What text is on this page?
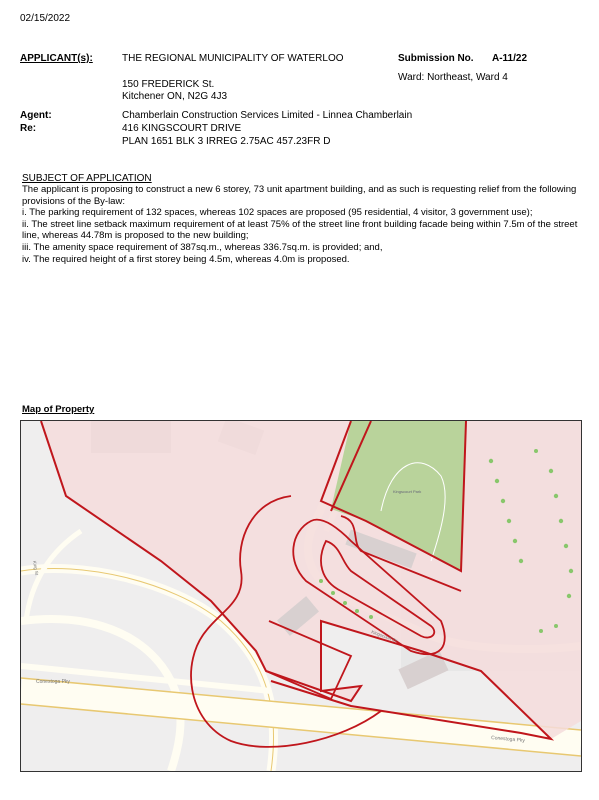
02/15/2022
APPLICANT(s):	THE REGIONAL MUNICIPALITY OF WATERLOO
150 FREDERICK St.
Kitchener ON, N2G 4J3
Submission No. A-11/22
Ward: Northeast, Ward 4
Agent:	Chamberlain Construction Services Limited - Linnea Chamberlain
Re:	416 KINGSCOURT DRIVE
PLAN 1651 BLK 3 IRREG 2.75AC 457.23FR D
SUBJECT OF APPLICATION

The applicant is proposing to construct a new 6 storey, 73 unit apartment building, and as such is requesting relief from the following provisions of the By-law:

i. The parking requirement of 132 spaces, whereas 102 spaces are proposed (95 residential, 4 visitor, 3 government use);

ii. The street line setback maximum requirement of at least 75% of the street line front building facade being within 7.5m of the street line, whereas 44.78m is proposed to the new building;

iii. The amenity space requirement of 387sq.m., whereas 336.7sq.m. is provided; and,

iv. The required height of a first storey being 4.5m, whereas 4.0m is proposed.

Map of Property
Conestoga Pky
Conestoga Pky
King St
Kingscourt Dr
Kingscourt Park
